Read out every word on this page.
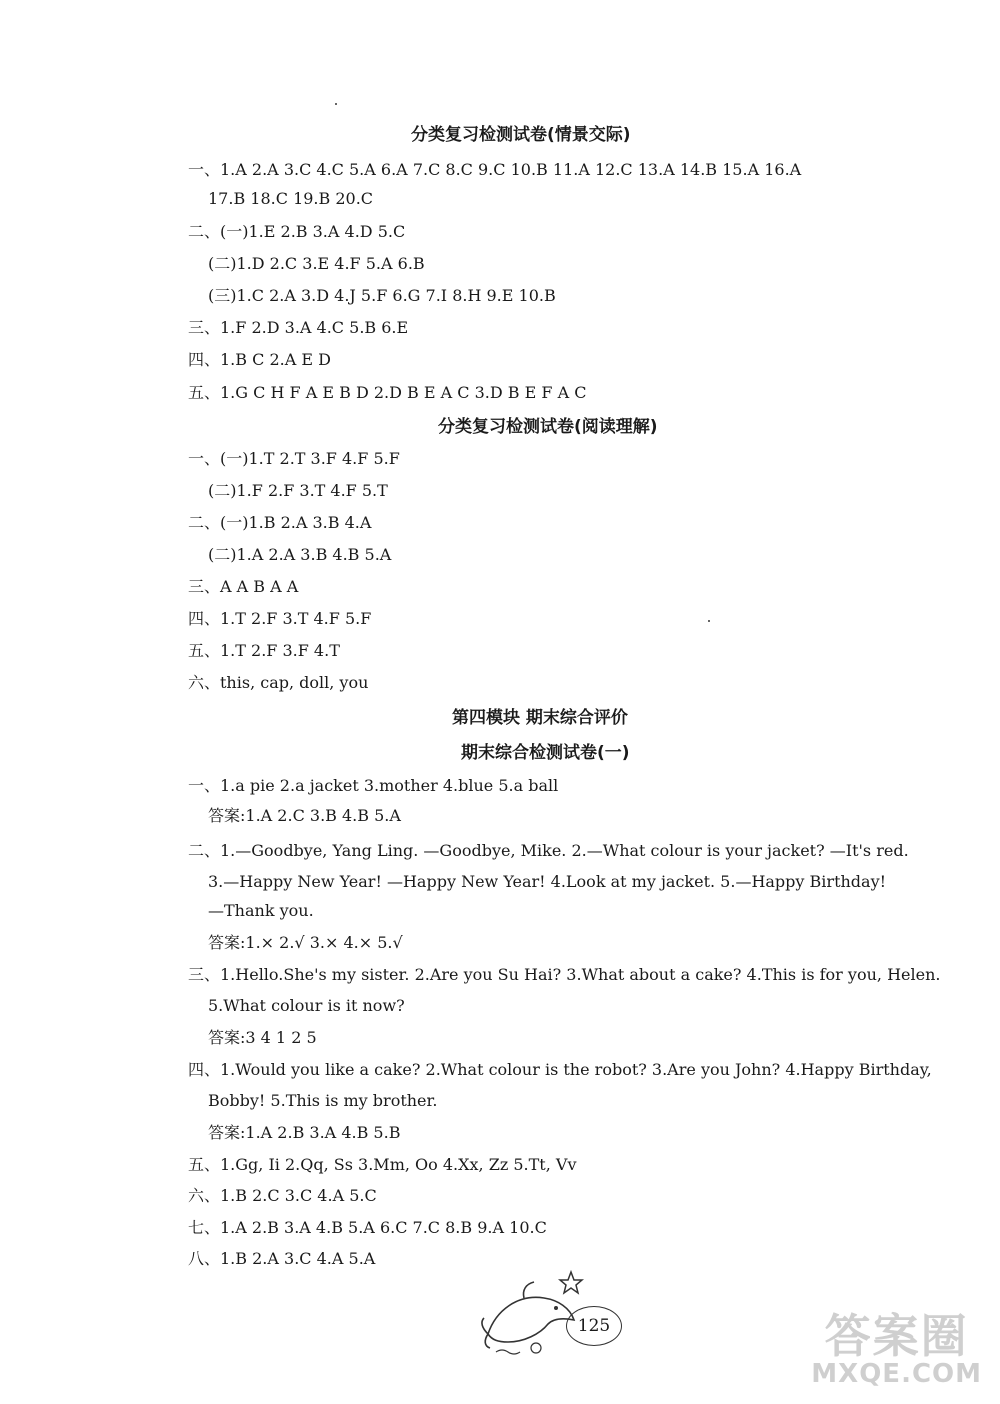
分类复习检测试卷(情景交际)
一、1.A 2.A 3.C 4.C 5.A 6.A 7.C 8.C 9.C 10.B 11.A 12.C 13.A 14.B 15.A 16.A
17.B 18.C 19.B 20.C
二、(一)1.E 2.B 3.A 4.D 5.C
(二)1.D 2.C 3.E 4.F 5.A 6.B
(三)1.C 2.A 3.D 4.J 5.F 6.G 7.I 8.H 9.E 10.B
三、1.F 2.D 3.A 4.C 5.B 6.E
四、1.B C 2.A E D
五、1.G C H F A E B D 2.D B E A C 3.D B E F A C
分类复习检测试卷(阅读理解)
一、(一)1.T 2.T 3.F 4.F 5.F
(二)1.F 2.F 3.T 4.F 5.T
二、(一)1.B 2.A 3.B 4.A
(二)1.A 2.A 3.B 4.B 5.A
三、A A B A A
四、1.T 2.F 3.T 4.F 5.F
五、1.T 2.F 3.F 4.T
六、this, cap, doll, you
第四模块 期末综合评价
期末综合检测试卷(一)
一、1.a pie 2.a jacket 3.mother 4.blue 5.a ball
答案:1.A 2.C 3.B 4.B 5.A
二、1.—Goodbye, Yang Ling. —Goodbye, Mike. 2.—What colour is your jacket? —It's red.
3.—Happy New Year! —Happy New Year! 4.Look at my jacket. 5.—Happy Birthday!
—Thank you.
答案:1.× 2.√ 3.× 4.× 5.√
三、1.Hello.She's my sister. 2.Are you Su Hai? 3.What about a cake? 4.This is for you, Helen.
5.What colour is it now?
答案:3 4 1 2 5
四、1.Would you like a cake? 2.What colour is the robot? 3.Are you John? 4.Happy Birthday,
Bobby! 5.This is my brother.
答案:1.A 2.B 3.A 4.B 5.B
五、1.Gg, Ii 2.Qq, Ss 3.Mm, Oo 4.Xx, Zz 5.Tt, Vv
六、1.B 2.C 3.C 4.A 5.C
七、1.A 2.B 3.A 4.B 5.A 6.C 7.C 8.B 9.A 10.C
八、1.B 2.A 3.C 4.A 5.A
125	答案圈
MXQE.COM
